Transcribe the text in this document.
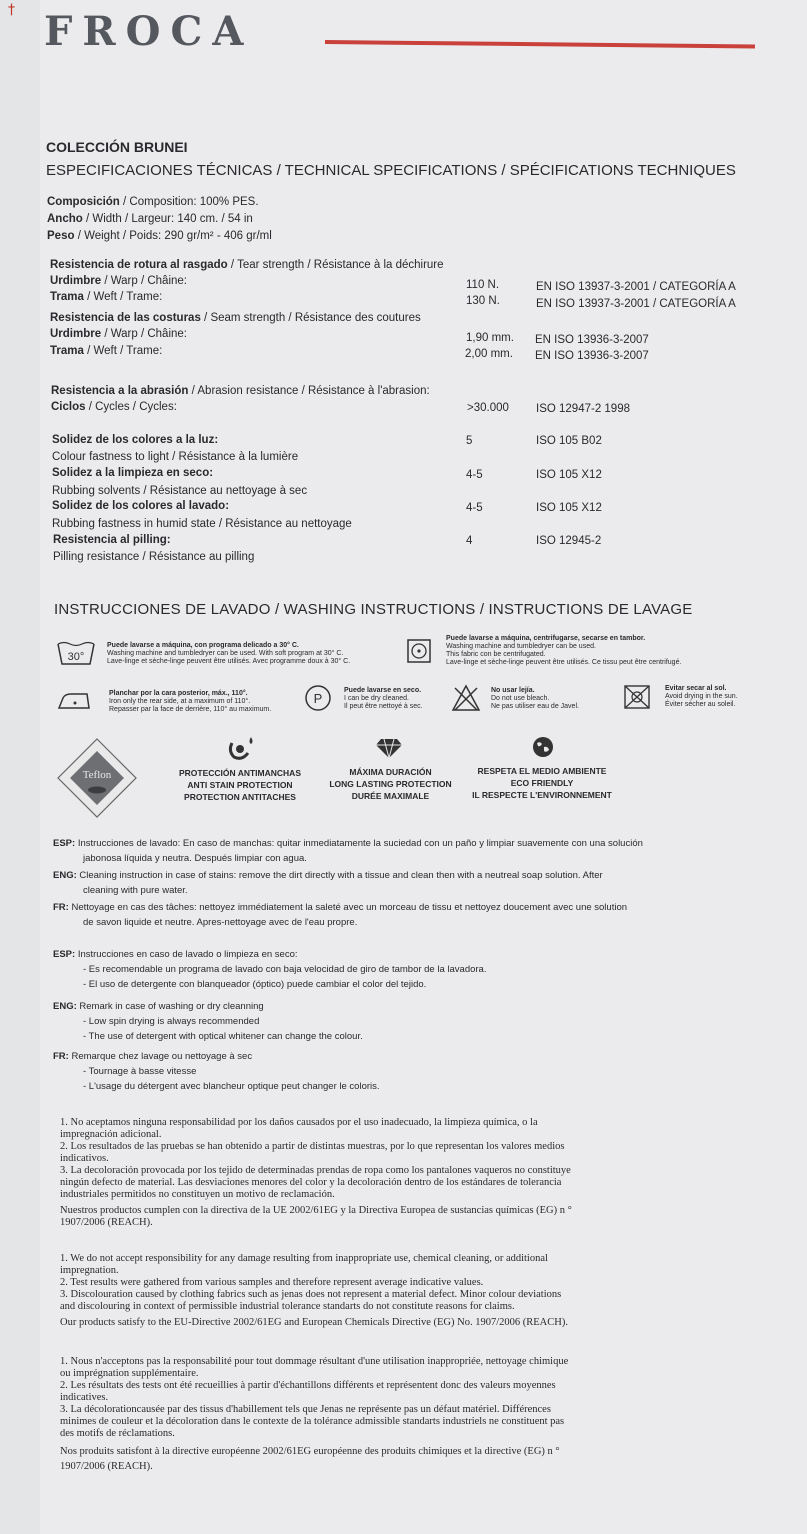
† FROCA
COLECCIÓN BRUNEI
ESPECIFICACIONES TÉCNICAS / TECHNICAL SPECIFICATIONS / SPÉCIFICATIONS TECHNIQUES
Composición / Composition: 100% PES.
Ancho / Width / Largeur: 140 cm. / 54 in
Peso / Weight / Poids: 290 gr/m² - 406 gr/ml
Resistencia de rotura al rasgado / Tear strength / Résistance à la déchirure
Urdimbre / Warp / Châine:	110 N.	EN ISO 13937-3-2001 / CATEGORÍA A
Trama / Weft / Trame:	130 N.	EN ISO 13937-3-2001 / CATEGORÍA A
Resistencia de las costuras / Seam strength / Résistance des coutures
Urdimbre / Warp / Châine:	1,90 mm. EN ISO 13936-3-2007
Trama / Weft / Trame:	2,00 mm. EN ISO 13936-3-2007
Resistencia a la abrasión / Abrasion resistance / Résistance à l'abrasion:
Ciclos / Cycles / Cycles:	>30.000 ISO 12947-2 1998
Solidez de los colores a la luz:	5	ISO 105 B02
Colour fastness to light / Résistance à la lumière
Solidez a la limpieza en seco:	4-5	ISO 105 X12
Rubbing solvents / Résistance au nettoyage à sec
Solidez de los colores al lavado:	4-5	ISO 105 X12
Rubbing fastness in humid state / Résistance au nettoyage
Resistencia al pilling:	4	ISO 12945-2
Pilling resistance / Résistance au pilling
INSTRUCCIONES DE LAVADO / WASHING INSTRUCTIONS / INSTRUCTIONS DE LAVAGE
30°
Puede lavarse a máquina, con programa delicado a 30° C.
Washing machine and tumbledryer can be used. With soft program at 30° C.
Lave-linge et sèche-linge peuvent être utilisés. Avec programme doux à 30° C.
Puede lavarse a máquina, centrifugarse, secarse en tambor.
Washing machine and tumbledryer can be used.
This fabric con be centrifugated.
Lave-linge et sèche-linge peuvent être utilisés. Ce tissu peut être centrifugé.
Planchar por la cara posterior, máx., 110°.
Iron only the rear side, at a maximum of 110°.
Repasser par la face de derrière, 110° au maximum.
P
Puede lavarse en seco.
I can be dry cleaned.
Il peut être nettoyé à sec.
No usar lejía.
Do not use bleach.
Ne pas utiliser eau de Javel.
Evitar secar al sol.
Avoid drying in the sun.
Éviter sécher au soleil.
Teflon	PROTECCIÓN ANTIMANCHAS
ANTI STAIN PROTECTION
PROTECTION ANTITACHES
MÁXIMA DURACIÓN
LONG LASTING PROTECTION
DURÉE MAXIMALE
RESPETA EL MEDIO AMBIENTE
ECO FRIENDLY
IL RESPECTE L'ENVIRONNEMENT
ESP: Instrucciones de lavado: En caso de manchas: quitar inmediatamente la suciedad con un paño y limpiar suavemente con una solución
jabonosa líquida y neutra. Después limpiar con agua.
ENG: Cleaning instruction in case of stains: remove the dirt directly with a tissue and clean then with a neutreal soap solution. After
cleaning with pure water.
FR: Nettoyage en cas des tâches: nettoyez immédiatement la saleté avec un morceau de tissu et nettoyez doucement avec une solution
de savon liquide et neutre. Apres-nettoyage avec de l'eau propre.
ESP: Instrucciones en caso de lavado o limpieza en seco:
- Es recomendable un programa de lavado con baja velocidad de giro de tambor de la lavadora.
- El uso de detergente con blanqueador (óptico) puede cambiar el color del tejido.
ENG: Remark in case of washing or dry cleanning
- Low spin drying is always recommended
- The use of detergent with optical whitener can change the colour.
FR: Remarque chez lavage ou nettoyage à sec
- Tournage à basse vitesse
- L'usage du détergent avec blancheur optique peut changer le coloris.
1. No aceptamos ninguna responsabilidad por los daños causados por el uso inadecuado, la limpieza química, o la
impregnación adicional.
2. Los resultados de las pruebas se han obtenido a partir de distintas muestras, por lo que representan los valores medios
indicativos.
3. La decoloración provocada por los tejido de determinadas prendas de ropa como los pantalones vaqueros no constituye
ningún defecto de material. Las desviaciones menores del color y la decoloración dentro de los estándares de tolerancia
industriales permitidos no constituyen un motivo de reclamación.
Nuestros productos cumplen con la directiva de la UE 2002/61EG y la Directiva Europea de sustancias químicas (EG) n °
1907/2006 (REACH).
1. We do not accept responsibility for any damage resulting from inappropriate use, chemical cleaning, or additional
impregnation.
2. Test results were gathered from various samples and therefore represent average indicative values.
3. Discolouration caused by clothing fabrics such as jenas does not represent a material defect. Minor colour deviations
and discolouring in context of permissible industrial tolerance standarts do not constitute reasons for claims.
Our products satisfy to the EU-Directive 2002/61EG and European Chemicals Directive (EG) No. 1907/2006 (REACH).
1. Nous n'acceptons pas la responsabilité pour tout dommage résultant d'une utilisation inappropriée, nettoyage chimique
ou imprégnation supplémentaire.
2. Les résultats des tests ont été recueillies à partir d'échantillons différents et représentent donc des valeurs moyennes
indicatives.
3. La décolorationcausée par des tissus d'habillement tels que Jenas ne représente pas un défaut matériel. Différences
minimes de couleur et la décoloration dans le contexte de la tolérance admissible standarts industriels ne constituent pas
des motifs de réclamations.
Nos produits satisfont à la directive européenne 2002/61EG européenne des produits chimiques et la directive (EG) n °
1907/2006 (REACH).
